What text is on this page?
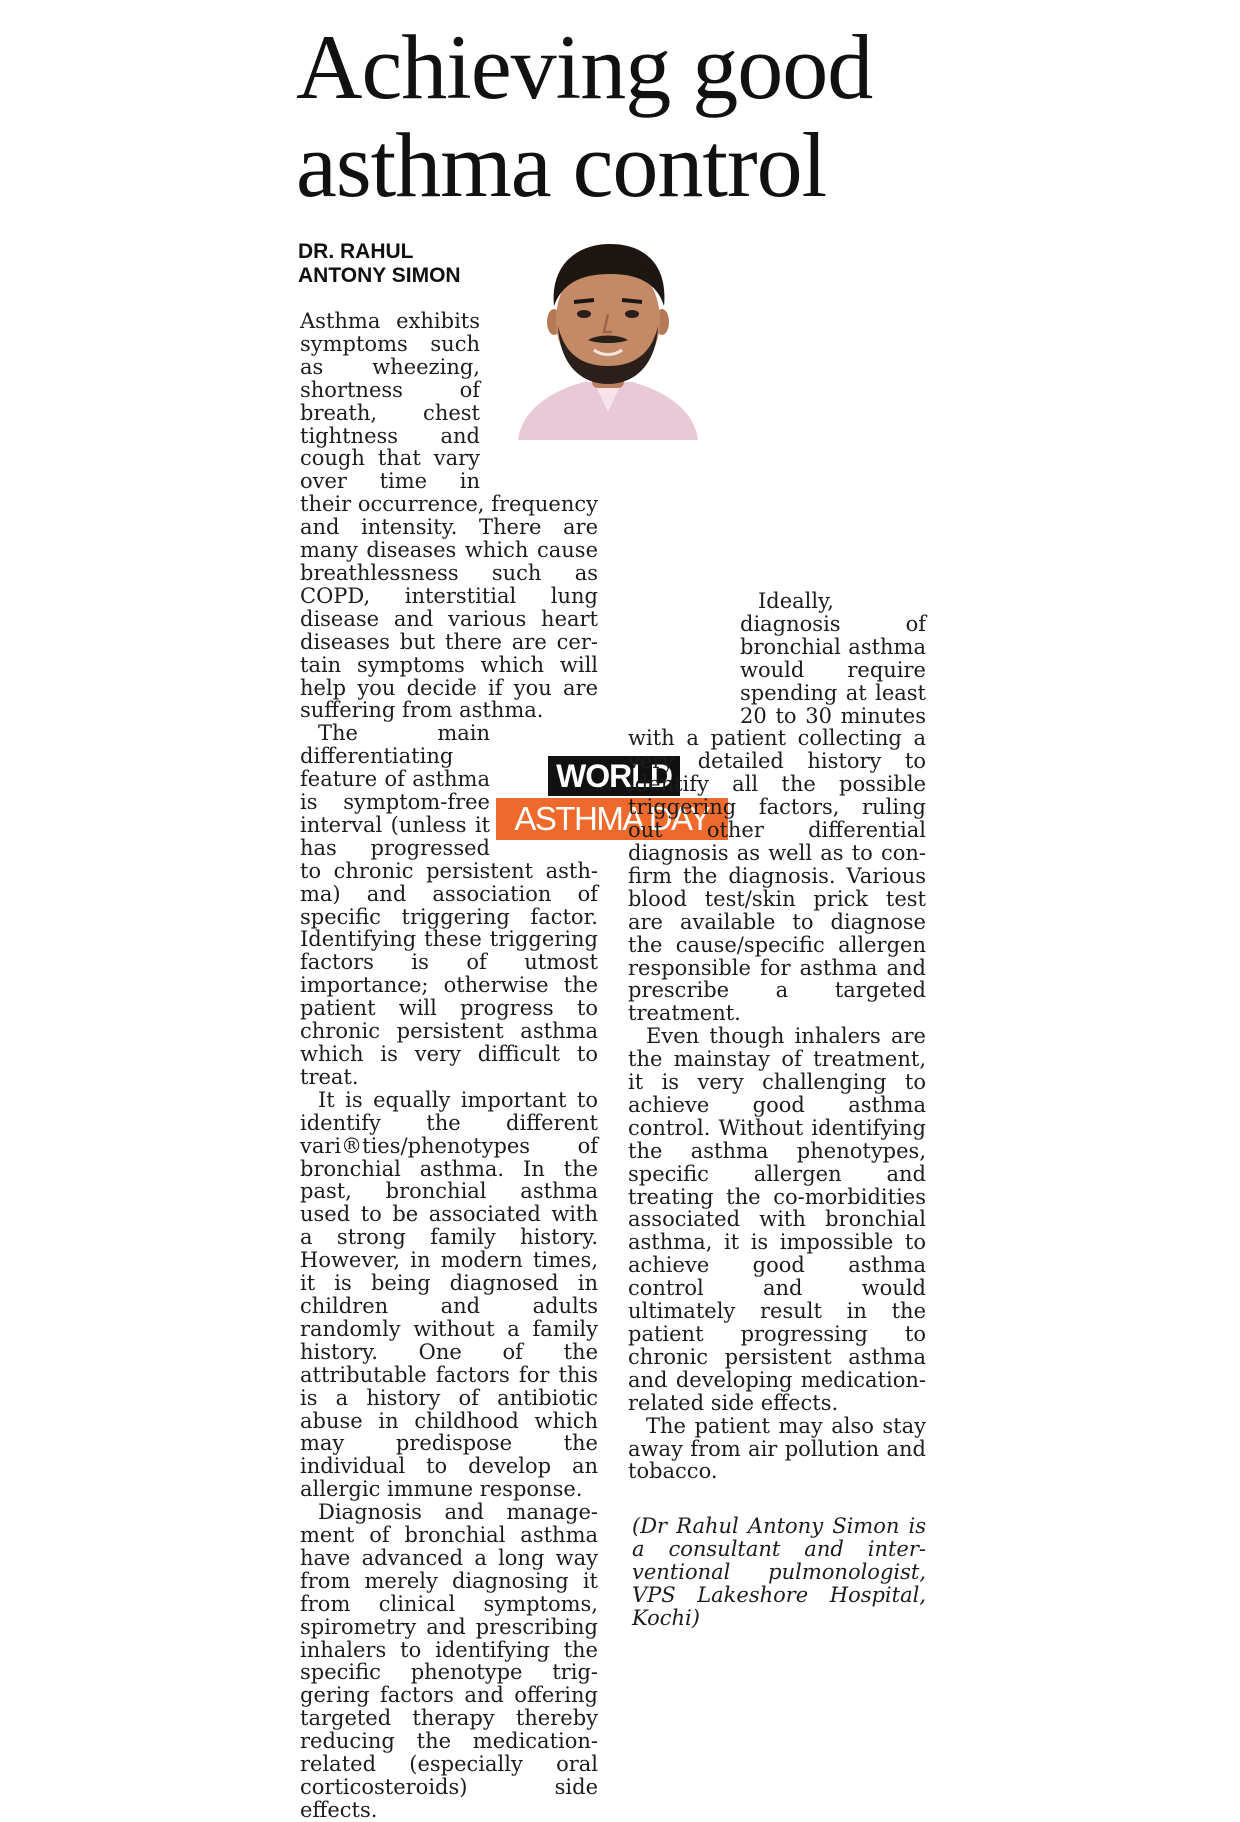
Achieving good asthma control
DR. RAHUL
ANTONY SIMON
WORLD
ASTHMA DAY

Asthma exhibits symptoms such as wheezing, shortness of breath, chest tightness and cough that vary over time in their occurrence, frequency and intensity. There are many diseases which cause breathlessness such as COPD, interstitial lung disease and various heart diseases but there are certain symptoms which will help you decide if you are suffering from asthma.

The main differentiating feature of asthma is symptom-free interval (unless it has progressed to chronic persistent asthma) and association of specific triggering factor. Identifying these triggering factors is of utmost importance; otherwise the patient will progress to chronic persistent asthma which is very difficult to treat.

It is equally important to identify the different vari®ties/phenotypes of bronchial asthma. In the past, bronchial asthma used to be associated with a strong family history. However, in modern times, it is being diagnosed in children and adults randomly without a family history. One of the attributable factors for this is a history of antibiotic abuse in childhood which may predispose the individual to develop an allergic immune response.

Diagnosis and management of bronchial asthma have advanced a long way from merely diagnosing it from clinical symptoms, spirometry and prescribing inhalers to identifying the specific phenotype triggering factors and offering targeted therapy thereby reducing the medication-related (especially oral corticosteroids) side effects.

Ideally, diagnosis of bronchial asthma would require spending at least 20 to 30 minutes with a patient collecting a very detailed history to identify all the possible triggering factors, ruling out other differential diagnosis as well as to confirm the diagnosis. Various blood test/skin prick test are available to diagnose the cause/specific allergen responsible for asthma and prescribe a targeted treatment.

Even though inhalers are the mainstay of treatment, it is very challenging to achieve good asthma control. Without identifying the asthma phenotypes, specific allergen and treating the co-morbidities associated with bronchial asthma, it is impossible to achieve good asthma control and would ultimately result in the patient progressing to chronic persistent asthma and developing medication-related side effects.

The patient may also stay away from air pollution and tobacco.

(Dr Rahul Antony Simon is a consultant and interventional pulmonologist, VPS Lakeshore Hospital, Kochi)
